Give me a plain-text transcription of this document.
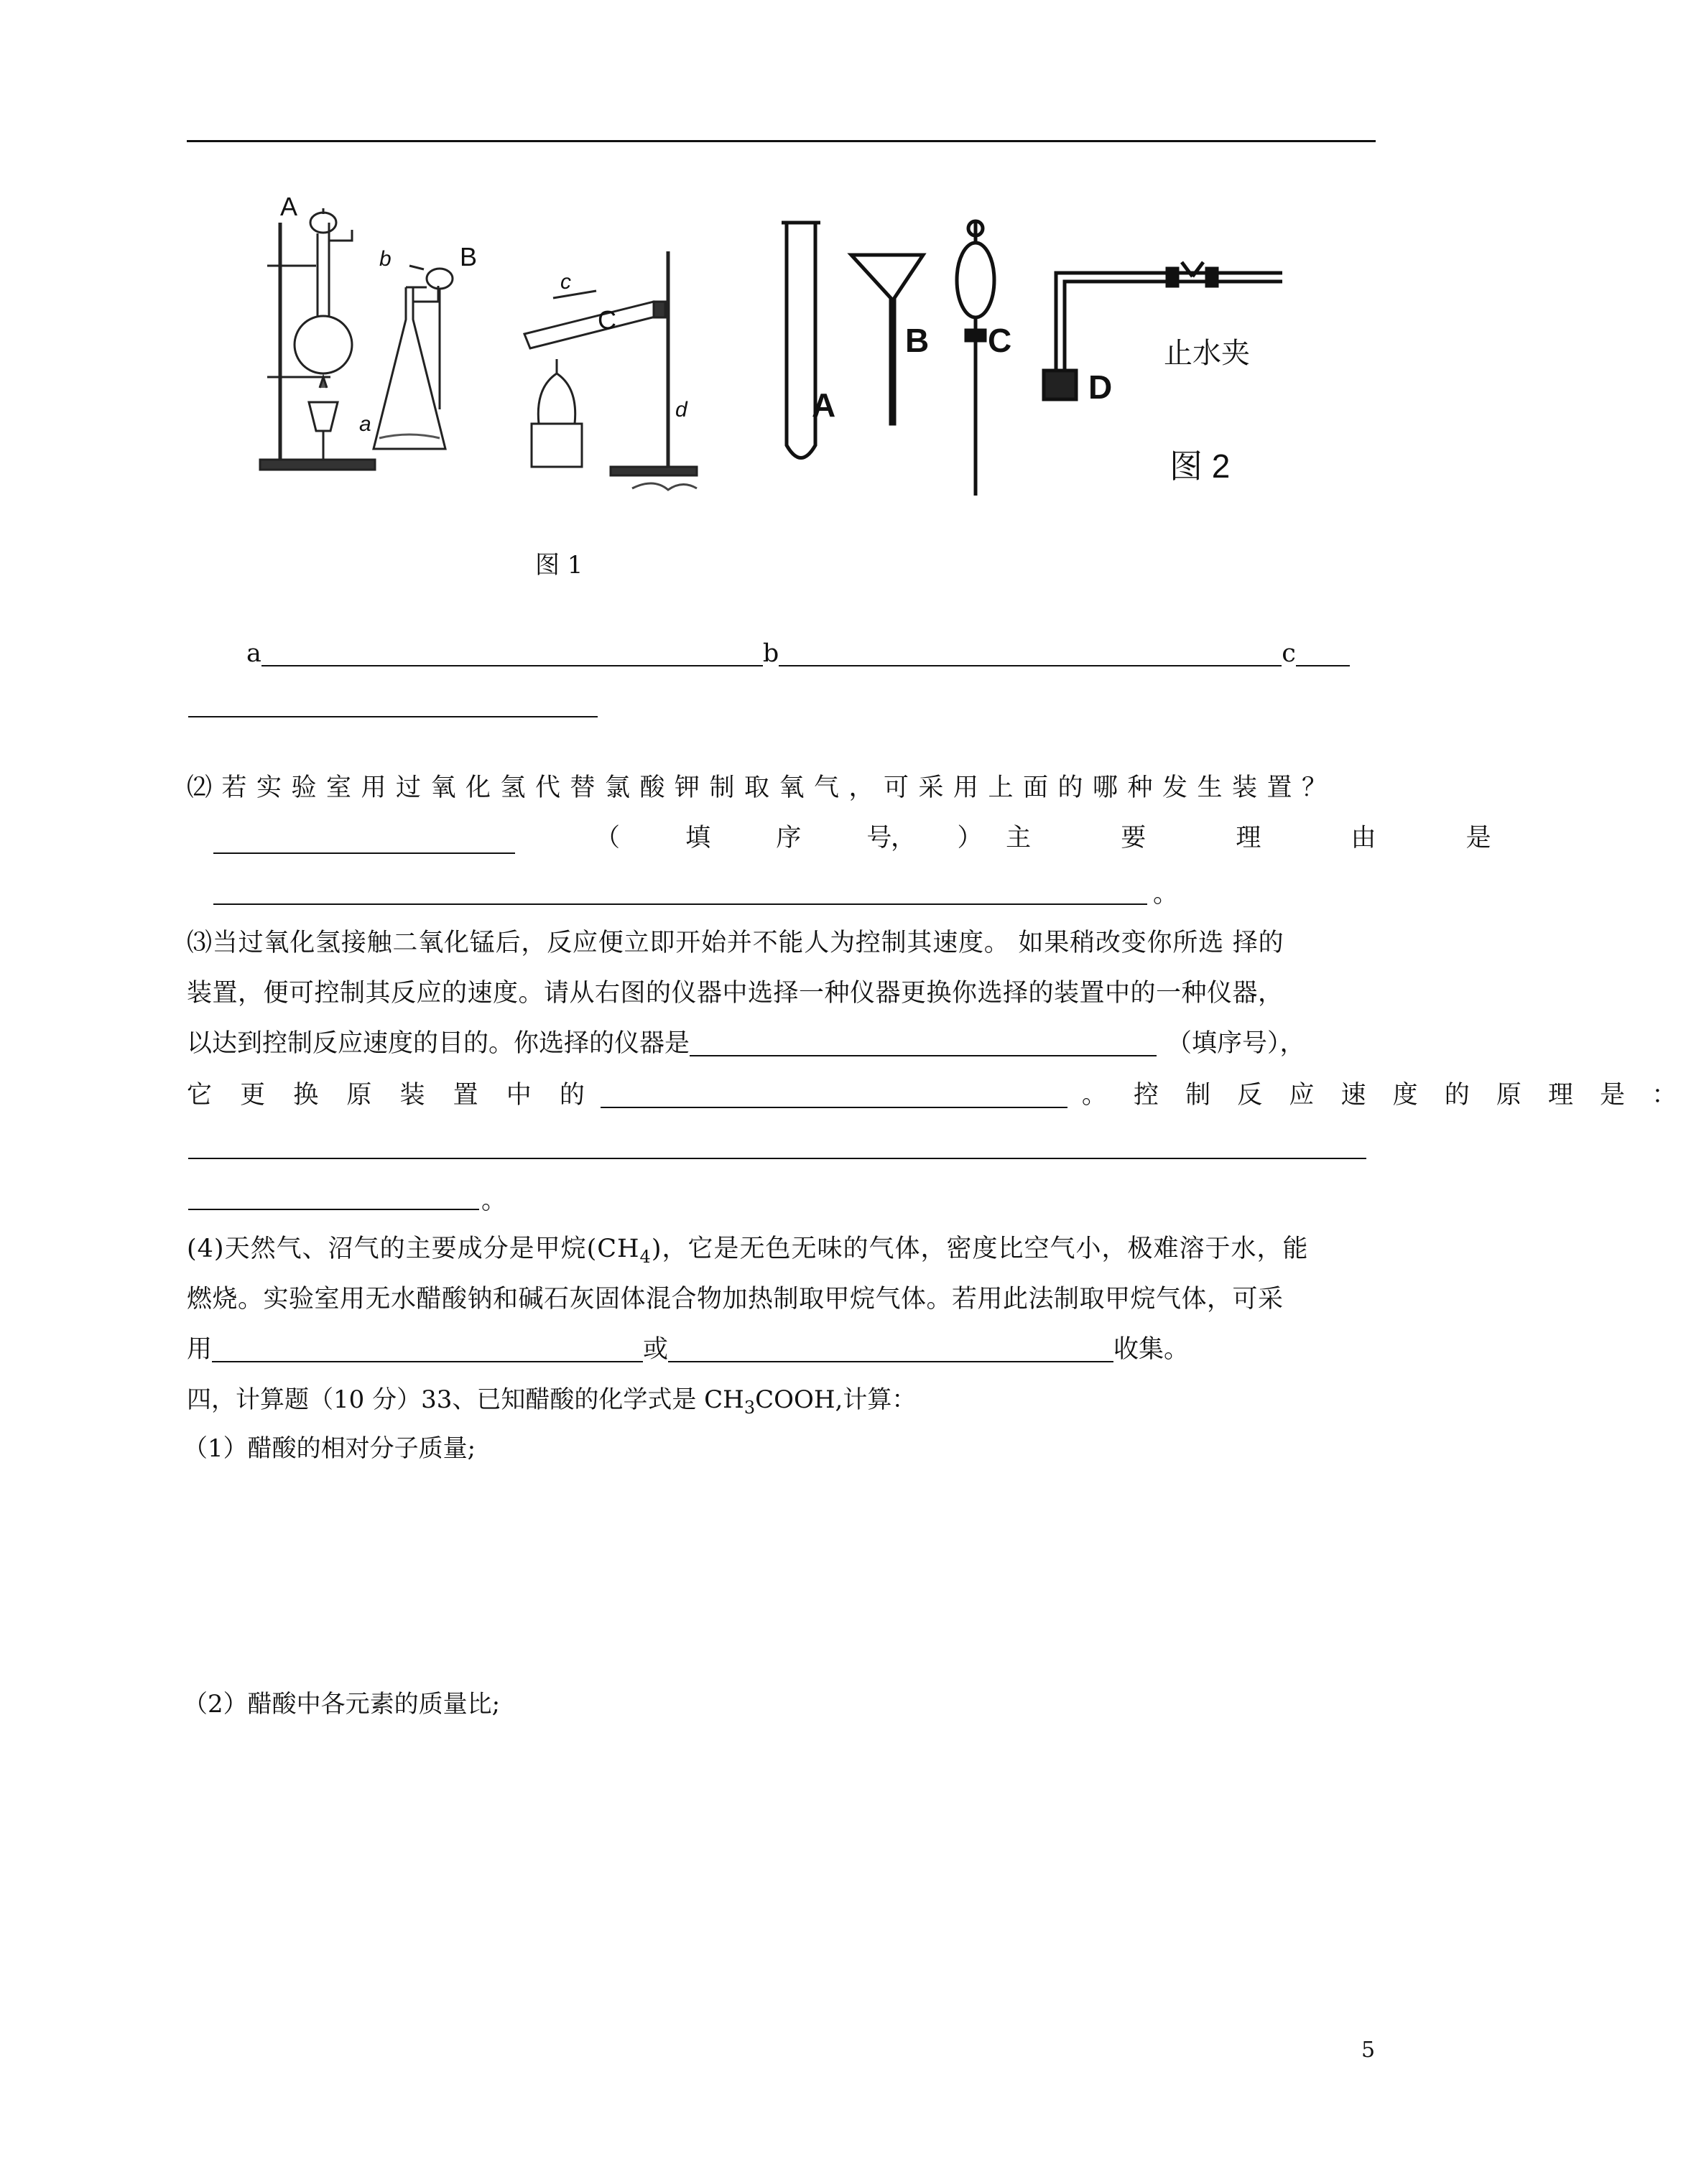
A
B
C
a
b
c
d
图 1
A
B C
D
止水夹
图 2
a	b	c
⑵若实验室用过氧化氢代替氯酸钾制取氧气，可采用上面的哪种发生装置？
（ 填 序 号 ）
， 主 要 理 由 是
。
⑶当过氧化氢接触二氧化锰后，反应便立即开始并不能人为控制其速度。 如果稍改变你所选 择的
装置，便可控制其反应的速度。请从右图的仪器中选择一种仪器更换你选择的装置中的一种仪器，
以达到控制反应速度的目的。你选择的仪器是	（填序号），
它 更 换 原 装 置 中 的	。 控 制 反 应 速 度 的 原 理 是 ：
。
(4)天然气、沼气的主要成分是甲烷$(CH_4)$，它是无色无味的气体，密度比空气小，极难溶于水，能
燃烧。实验室用无水醋酸钠和碱石灰固体混合物加热制取甲烷气体。若用此法制取甲烷气体，可采
用	或	收集。
四，计算题（10 分）33、已知醋酸的化学式是 $CH_3COOH$,计算：
（1）醋酸的相对分子质量;
（2）醋酸中各元素的质量比;
5
